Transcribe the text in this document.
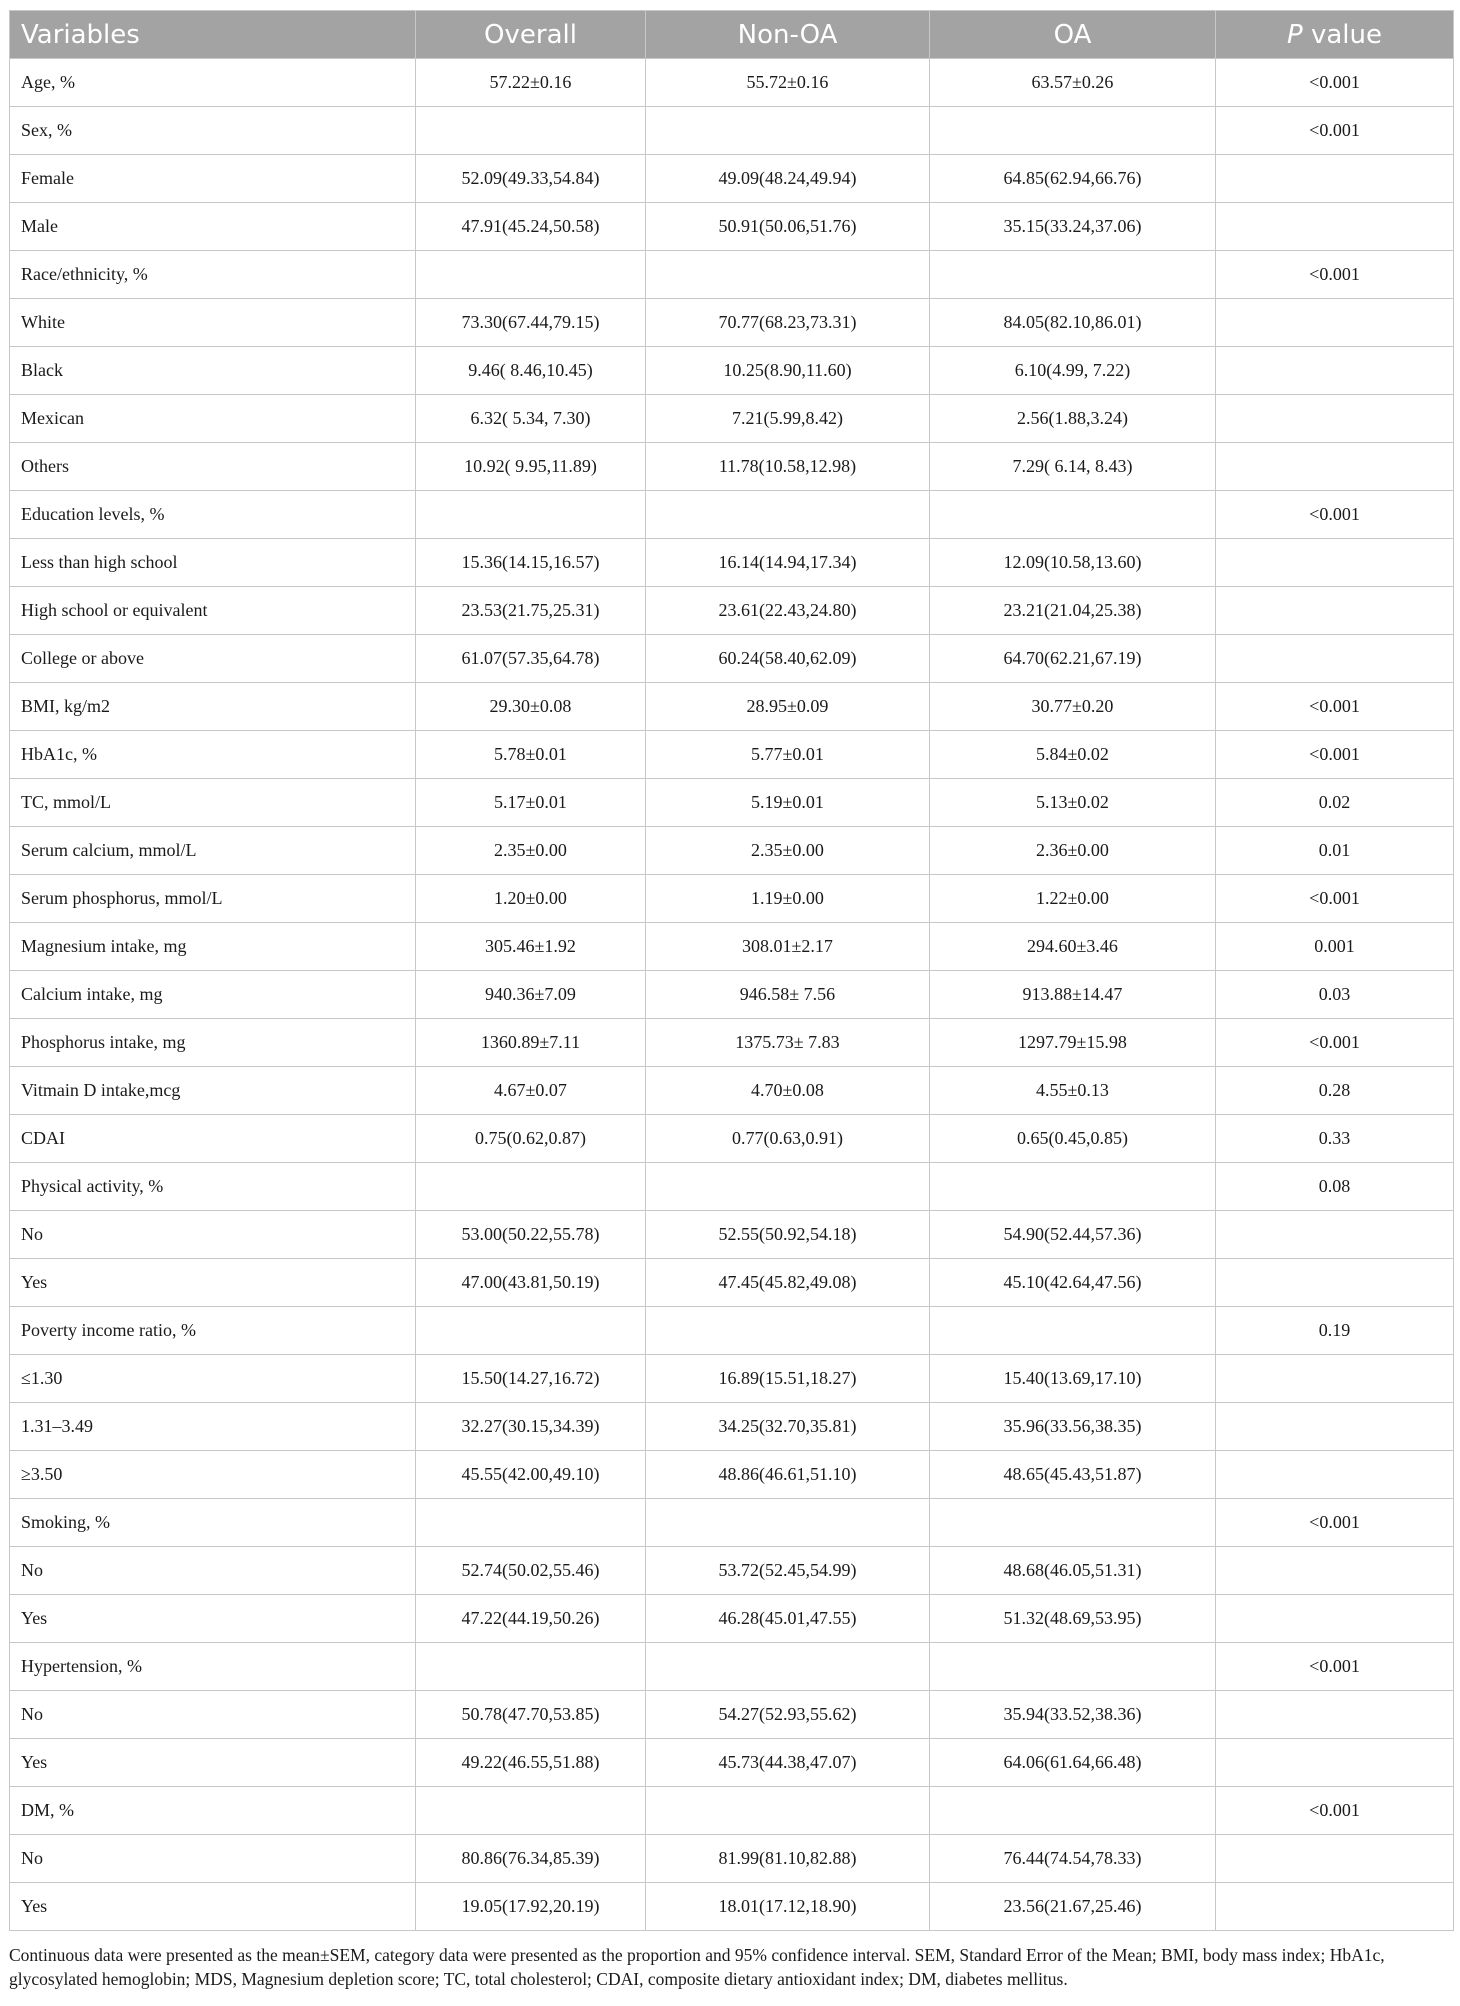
Variables	Overall	Non-OA	OA	P value
Age, %	57.22±0.16	55.72±0.16	63.57±0.26	<0.001
Sex, %				<0.001
Female	52.09(49.33,54.84)	49.09(48.24,49.94)	64.85(62.94,66.76)	
Male	47.91(45.24,50.58)	50.91(50.06,51.76)	35.15(33.24,37.06)	
Race/ethnicity, %				<0.001
White	73.30(67.44,79.15)	70.77(68.23,73.31)	84.05(82.10,86.01)	
Black	9.46( 8.46,10.45)	10.25(8.90,11.60)	6.10(4.99, 7.22)	
Mexican	6.32( 5.34, 7.30)	7.21(5.99,8.42)	2.56(1.88,3.24)	
Others	10.92( 9.95,11.89)	11.78(10.58,12.98)	7.29( 6.14, 8.43)	
Education levels, %				<0.001
Less than high school	15.36(14.15,16.57)	16.14(14.94,17.34)	12.09(10.58,13.60)	
High school or equivalent	23.53(21.75,25.31)	23.61(22.43,24.80)	23.21(21.04,25.38)	
College or above	61.07(57.35,64.78)	60.24(58.40,62.09)	64.70(62.21,67.19)	
BMI, kg/m2	29.30±0.08	28.95±0.09	30.77±0.20	<0.001
HbA1c, %	5.78±0.01	5.77±0.01	5.84±0.02	<0.001
TC, mmol/L	5.17±0.01	5.19±0.01	5.13±0.02	0.02
Serum calcium, mmol/L	2.35±0.00	2.35±0.00	2.36±0.00	0.01
Serum phosphorus, mmol/L	1.20±0.00	1.19±0.00	1.22±0.00	<0.001
Magnesium intake, mg	305.46±1.92	308.01±2.17	294.60±3.46	0.001
Calcium intake, mg	940.36±7.09	946.58± 7.56	913.88±14.47	0.03
Phosphorus intake, mg	1360.89±7.11	1375.73± 7.83	1297.79±15.98	<0.001
Vitmain D intake,mcg	4.67±0.07	4.70±0.08	4.55±0.13	0.28
CDAI	0.75(0.62,0.87)	0.77(0.63,0.91)	0.65(0.45,0.85)	0.33
Physical activity, %				0.08
No	53.00(50.22,55.78)	52.55(50.92,54.18)	54.90(52.44,57.36)	
Yes	47.00(43.81,50.19)	47.45(45.82,49.08)	45.10(42.64,47.56)	
Poverty income ratio, %				0.19
≤1.30	15.50(14.27,16.72)	16.89(15.51,18.27)	15.40(13.69,17.10)	
1.31–3.49	32.27(30.15,34.39)	34.25(32.70,35.81)	35.96(33.56,38.35)	
≥3.50	45.55(42.00,49.10)	48.86(46.61,51.10)	48.65(45.43,51.87)	
Smoking, %				<0.001
No	52.74(50.02,55.46)	53.72(52.45,54.99)	48.68(46.05,51.31)	
Yes	47.22(44.19,50.26)	46.28(45.01,47.55)	51.32(48.69,53.95)	
Hypertension, %				<0.001
No	50.78(47.70,53.85)	54.27(52.93,55.62)	35.94(33.52,38.36)	
Yes	49.22(46.55,51.88)	45.73(44.38,47.07)	64.06(61.64,66.48)	
DM, %				<0.001
No	80.86(76.34,85.39)	81.99(81.10,82.88)	76.44(74.54,78.33)	
Yes	19.05(17.92,20.19)	18.01(17.12,18.90)	23.56(21.67,25.46)	
Continuous data were presented as the mean±SEM, category data were presented as the proportion and 95% confidence interval. SEM, Standard Error of the Mean; BMI, body mass index; HbA1c, glycosylated hemoglobin; MDS, Magnesium depletion score; TC, total cholesterol; CDAI, composite dietary antioxidant index; DM, diabetes mellitus.
